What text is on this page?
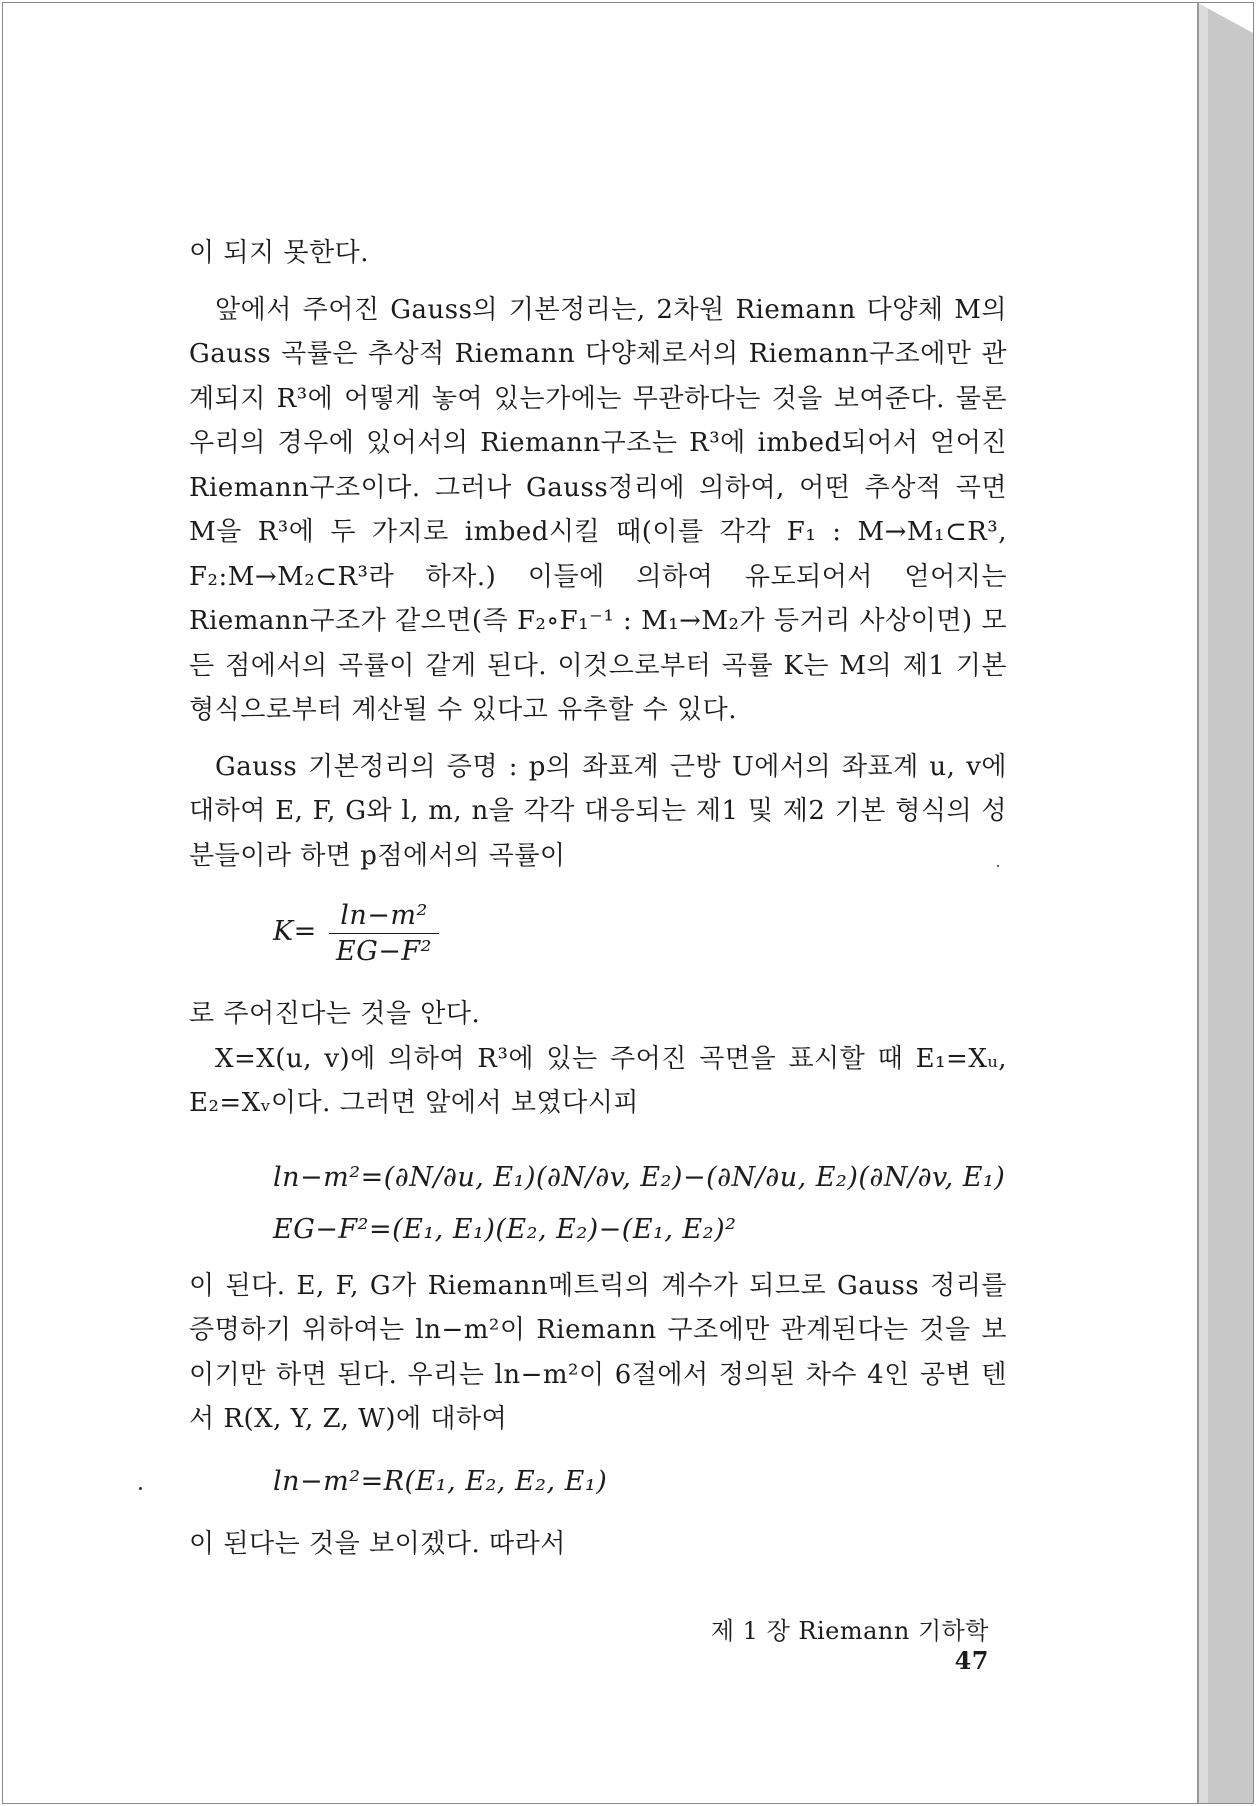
이 되지 못한다.

앞에서 주어진 Gauss의 기본정리는, 2차원 Riemann 다양체 M의 Gauss 곡률은 추상적 Riemann 다양체로서의 Riemann구조에만 관계되지 R³에 어떻게 놓여 있는가에는 무관하다는 것을 보여준다. 물론 우리의 경우에 있어서의 Riemann구조는 R³에 imbed되어서 얻어진 Riemann구조이다. 그러나 Gauss정리에 의하여, 어떤 추상적 곡면 M을 R³에 두 가지로 imbed시킬 때(이를 각각 F₁ : M→M₁⊂R³, F₂:M→M₂⊂R³라 하자.) 이들에 의하여 유도되어서 얻어지는 Riemann구조가 같으면(즉 F₂∘F₁⁻¹ : M₁→M₂가 등거리 사상이면) 모든 점에서의 곡률이 같게 된다. 이것으로부터 곡률 K는 M의 제1 기본 형식으로부터 계산될 수 있다고 유추할 수 있다.

Gauss 기본정리의 증명 : p의 좌표계 근방 U에서의 좌표계 u, v에 대하여 E, F, G와 l, m, n을 각각 대응되는 제1 및 제2 기본 형식의 성분들이라 하면 p점에서의 곡률이

$K= \frac{\text{ln−m²}}{\text{EG−F²}}$

로 주어진다는 것을 안다.

X=X(u, v)에 의하여 R³에 있는 주어진 곡면을 표시할 때 E₁=Xᵤ, E₂=Xᵥ이다. 그러면 앞에서 보였다시피

ln−m²=(∂N/∂u, E₁)(∂N/∂v, E₂)−(∂N/∂u, E₂)(∂N/∂v, E₁)
EG−F²=(E₁, E₁)(E₂, E₂)−(E₁, E₂)²

이 된다. E, F, G가 Riemann메트릭의 계수가 되므로 Gauss 정리를 증명하기 위하여는 ln−m²이 Riemann 구조에만 관계된다는 것을 보이기만 하면 된다. 우리는 ln−m²이 6절에서 정의된 차수 4인 공변 텐서 R(X, Y, Z, W)에 대하여

ln−m²=R(E₁, E₂, E₂, E₁)

이 된다는 것을 보이겠다. 따라서

제 1 장 Riemann 기하학47
